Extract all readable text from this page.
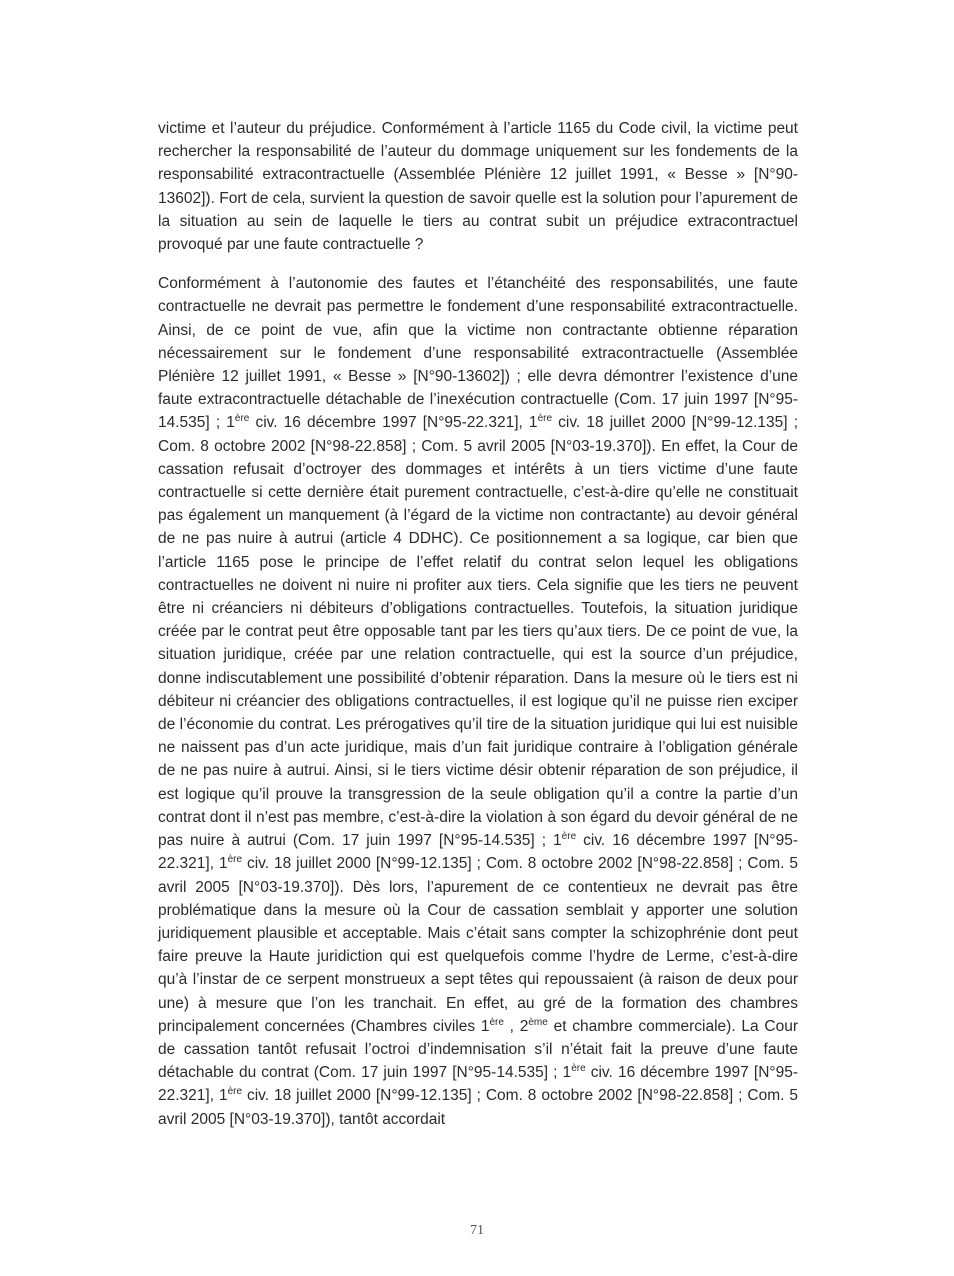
victime et l’auteur du préjudice. Conformément à l’article 1165 du Code civil, la victime peut rechercher la responsabilité de l’auteur du dommage uniquement sur les fondements de la responsabilité extracontractuelle (Assemblée Plénière 12 juillet 1991, « Besse » [N°90-13602]). Fort de cela, survient la question de savoir quelle est la solution pour l’apurement de la situation au sein de laquelle le tiers au contrat subit un préjudice extracontractuel provoqué par une faute contractuelle ?

Conformément à l’autonomie des fautes et l’étanchéité des responsabilités, une faute contractuelle ne devrait pas permettre le fondement d’une responsabilité extracontractuelle. Ainsi, de ce point de vue, afin que la victime non contractante obtienne réparation nécessairement sur le fondement d’une responsabilité extracontractuelle (Assemblée Plénière 12 juillet 1991, « Besse » [N°90-13602]) ; elle devra démontrer l’existence d’une faute extracontractuelle détachable de l’inexécution contractuelle (Com. 17 juin 1997 [N°95-14.535] ; 1ère civ. 16 décembre 1997 [N°95-22.321], 1ère civ. 18 juillet 2000 [N°99-12.135] ; Com. 8 octobre 2002 [N°98-22.858] ; Com. 5 avril 2005 [N°03-19.370]). En effet, la Cour de cassation refusait d’octroyer des dommages et intérêts à un tiers victime d’une faute contractuelle si cette dernière était purement contractuelle, c’est-à-dire qu’elle ne constituait pas également un manquement (à l’égard de la victime non contractante) au devoir général de ne pas nuire à autrui (article 4 DDHC). Ce positionnement a sa logique, car bien que l’article 1165 pose le principe de l’effet relatif du contrat selon lequel les obligations contractuelles ne doivent ni nuire ni profiter aux tiers. Cela signifie que les tiers ne peuvent être ni créanciers ni débiteurs d’obligations contractuelles. Toutefois, la situation juridique créée par le contrat peut être opposable tant par les tiers qu’aux tiers. De ce point de vue, la situation juridique, créée par une relation contractuelle, qui est la source d’un préjudice, donne indiscutablement une possibilité d’obtenir réparation. Dans la mesure où le tiers est ni débiteur ni créancier des obligations contractuelles, il est logique qu’il ne puisse rien exciper de l’économie du contrat. Les prérogatives qu’il tire de la situation juridique qui lui est nuisible ne naissent pas d’un acte juridique, mais d’un fait juridique contraire à l’obligation générale de ne pas nuire à autrui. Ainsi, si le tiers victime désir obtenir réparation de son préjudice, il est logique qu’il prouve la transgression de la seule obligation qu’il a contre la partie d’un contrat dont il n’est pas membre, c’est-à-dire la violation à son égard du devoir général de ne pas nuire à autrui (Com. 17 juin 1997 [N°95-14.535] ; 1ère civ. 16 décembre 1997 [N°95-22.321], 1ère civ. 18 juillet 2000 [N°99-12.135] ; Com. 8 octobre 2002 [N°98-22.858] ; Com. 5 avril 2005 [N°03-19.370]). Dès lors, l’apurement de ce contentieux ne devrait pas être problématique dans la mesure où la Cour de cassation semblait y apporter une solution juridiquement plausible et acceptable. Mais c’était sans compter la schizophrénie dont peut faire preuve la Haute juridiction qui est quelquefois comme l’hydre de Lerme, c’est-à-dire qu’à l’instar de ce serpent monstrueux a sept têtes qui repoussaient (à raison de deux pour une) à mesure que l’on les tranchait. En effet, au gré de la formation des chambres principalement concernées (Chambres civiles 1ère , 2ème et chambre commerciale). La Cour de cassation tantôt refusait l’octroi d’indemnisation s’il n’était fait la preuve d’une faute détachable du contrat (Com. 17 juin 1997 [N°95-14.535] ; 1ère civ. 16 décembre 1997 [N°95-22.321], 1ère civ. 18 juillet 2000 [N°99-12.135] ; Com. 8 octobre 2002 [N°98-22.858] ; Com. 5 avril 2005 [N°03-19.370]), tantôt accordait

71
